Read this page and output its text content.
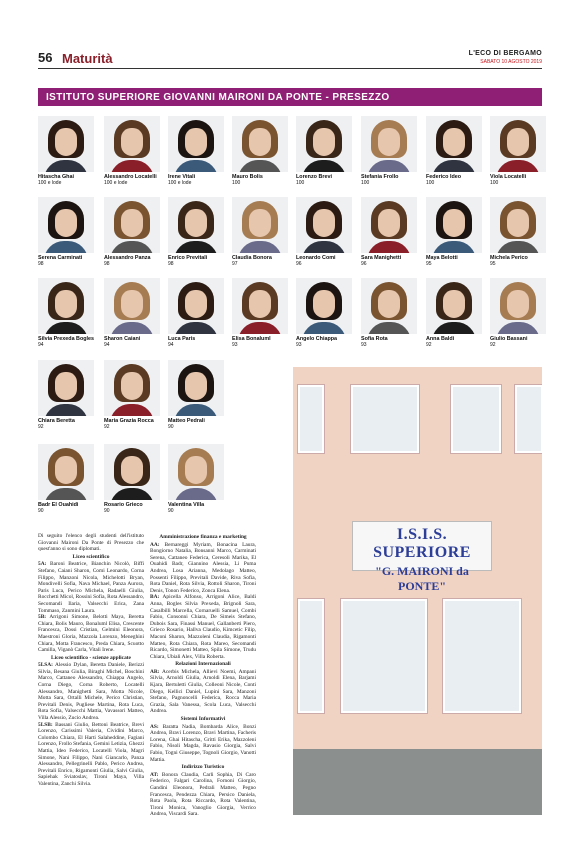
56 Maturità	L'ECO DI BERGAMO
SABATO 10 AGOSTO 2019
ISTITUTO SUPERIORE GIOVANNI MAIRONI DA PONTE - PRESEZZO
Hitascha Ghai
100 e lode
Alessandro Locatelli
100 e lode
Irene Vitali
100 e lode
Mauro Bolis
100
Lorenzo Brevi
100
Stefania Frollo
100
Federico Ideo
100
Viola Locatelli
100
Serena Carminati
98
Alessandro Panza
98
Enrico Previtali
98
Claudia Bonora
97
Leonardo Comi
96
Sara Manighetti
96
Maya Belotti
95
Michela Perico
95
Silvia Prexeda Bogles
94
Sharon Caiani
94
Luca Paris
94
Elisa Bonaluml
93
Angelo Chiappa
93
Sofia Rota
93
Anna Baldi
92
Giulio Bassani
92
Chiara Beretta
92
Maria Grazia Rocca
92
Matteo Pedrali
90
Badr El Ouahidi
90
Rosario Grieco
90
Valentina Villa
90
Di seguito l'elenco degli studenti dell'istituto Giovanni Maironi Da Ponte di Presezzo che quest'anno si sono diplomati.
Liceo scientifico
5A: Baroni Beatrice, Bianchin Nicolò, Biffi Stefano, Caiani Sharon, Comi Leonardo, Corna Filippo, Manzoni Nicola, Michelotti Bryan, Mondivelli Sofia, Nava Michael, Panza Aurora, Paris Luca, Perico Michela, Radaelli Giulia, Rocchetti Micol, Rossini Sofia, Rota Alessandro, Secomandi Ilaria, Valsecchi Erica, Zana Tommaso, Zanmini Laura.
5B: Arrigoni Simone, Belotti Maya, Beretta Chiara, Bolis Mauro, Bonaluml Elisa, Crescente Francesca, Dossi Cristian, Gelmini Eleonora, Maestroni Gloria, Mazzola Lorenzo, Meneghini Chiara, Motta Francesco, Preda Chiara, Scuotto Camilla, Viganò Carla, Vitali Irene.
Liceo scientifico - scienze applicate
5LSA: Alessio Dylan, Beretta Daniele, Berizzi Silvia, Besana Giulia, Biraghi Michel, Boschini Marco, Cattaneo Alessandro, Chiappa Angelo, Corna Diego, Corna Roberto, Locatelli Alessandro, Manighetti Sara, Motta Nicole, Motta Sara, Ortalli Michele, Perico Christian, Previtali Denis, Pugliese Martina, Rota Luca, Rota Sofia, Valsecchi Mattia, Vavassori Matteo, Villa Alessio, Zucio Andrea.
5LSB: Bassani Giulio, Bettoni Beatrice, Brevi Lorenzo, Carissimi Valeria, Cividini Marco, Colombo Chiara, El Harti Salaheddine, Fagiani Lorenzo, Frollo Stefania, Gemini Letizia, Ghezzi Mattia, Ideo Federico, Locatelli Viola, Magri Simone, Nani Filippo, Nani Giancarlo, Panza Alessandro, Pellegrinelli Pablo, Perico Andrea, Previtali Enrico, Rigamonti Giulia, Salvi Giulia, Sapiehak Sviatoslav, Tironi Maya, Villa Valentina, Zanchi Silvia.
Amministrazione finanza e marketing
AA: Bernareggi Myriam, Bonacina Laura, Bongiorno Natalia, Bonsanni Marco, Carminati Serena, Cattaneo Federica, Ceresoli Marika, El Ouahidi Badr, Giannino Alessia, Li Puma Andrea, Losa Arianna, Medolago Matteo, Possenti Filippo, Previtali Davide, Riva Sofia, Rota Daniel, Rota Silvia, Rottoli Sharon, Tironi Denis, Tonon Federico, Zonca Elena.
BA: Apicella Alfonso, Arrigoni Alice, Baldi Anna, Bogles Silvia Prexeda, Brignoli Sara, Casalbilli Marcella, Cornaruelli Samuel, Combi Fabio, Consonni Chiara, De Simeis Stefano, Dubois Sara, Finassi Manuel, Gallanberti Piero, Grieco Rosario, Hallva Claudio, Kimcetic Filip, Maconi Sharon, Mazzoleni Claudia, Rigamonti Matteo, Rota Chiara, Rota Mareo, Secomandi Ricardo, Simonetti Matteo, Spila Simone, Trudu Chiara, Ubiali Alex, Villa Roberta.
Relazioni Internazionali
AR: Acerbis Michela, Allievi Noemi, Ampani Silvia, Arnoldi Giulia, Arnoldi Elena, Barjami Kjara, Bertuletti Giulia, Colleoni Nicole, Conti Diego, Kellici Daniel, Lupini Sara, Manzoni Stefano, Pagnoncelli Federica, Rocca Maria Grazia, Sala Vanessa, Scola Luca, Valsecchi Andrea.
Sistemi Informativi
AS: Baratta Nadia, Bombarda Alice, Bonzi Andrea, Bravi Lorenzo, Bravi Martina, Facheris Lorena, Ghai Hitascha, Gritti Erika, Mazzoleni Fabio, Nisoli Magda, Ravasio Giorgia, Salvi Fabio, Togni Giuseppe, Tognoli Giorgio, Vanotti Mattia.
Indirizzo Turistico
AT: Bonora Claudia, Carli Sophia, Di Caro Federico, Falgari Carolina, Fornoni Giorgio, Gandini Eleonora, Pedrali Matteo, Pegno Francesca, Pendezza Chiara, Persico Daniela, Rota Paola, Rota Riccardo, Rota Valentina, Tironi Monica, Vanoglio Giorgia, Verrico Andrea, Viscardi Sara.
I.S.I.S. SUPERIORE
"G. MAIRONI da PONTE"
